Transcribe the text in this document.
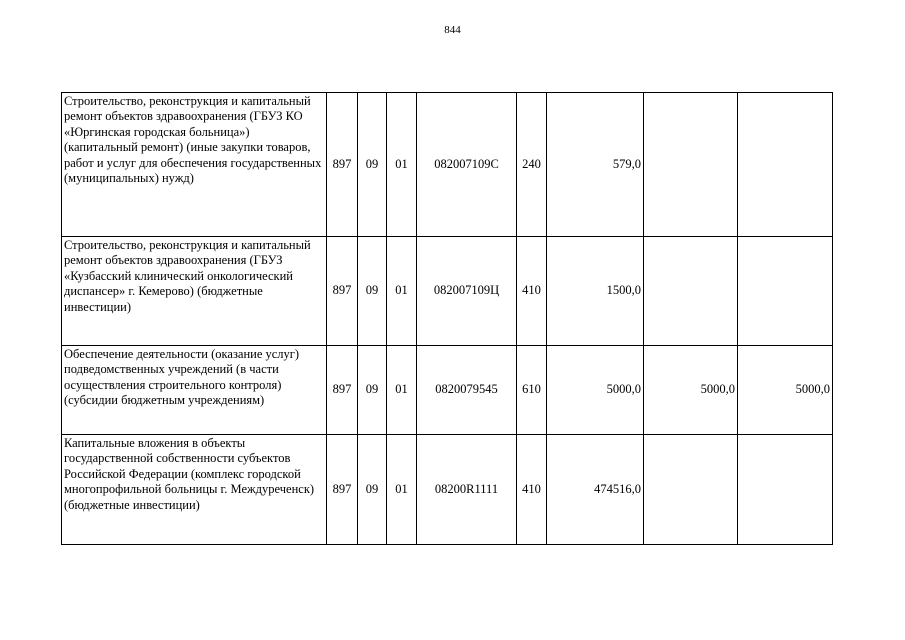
844
Строительство, реконструкция и капитальный ремонт объектов здравоохранения (ГБУЗ КО «Юргинская городская больница») (капитальный ремонт) (иные закупки товаров, работ и услуг для обеспечения государственных (муниципальных) нужд)	897	09	01	082007109С	240	579,0		
Строительство, реконструкция и капитальный ремонт объектов здравоохранения (ГБУЗ «Кузбасский клинический онкологический диспансер» г. Кемерово) (бюджетные инвестиции)	897	09	01	082007109Ц	410	1500,0		
Обеспечение деятельности (оказание услуг) подведомственных учреждений (в части осуществления строительного контроля) (субсидии бюджетным учреждениям)	897	09	01	0820079545	610	5000,0	5000,0	5000,0
Капитальные вложения в объекты государственной собственности субъектов Российской Федерации (комплекс городской многопрофильной больницы г. Междуреченск) (бюджетные инвестиции)	897	09	01	08200R1111	410	474516,0		
